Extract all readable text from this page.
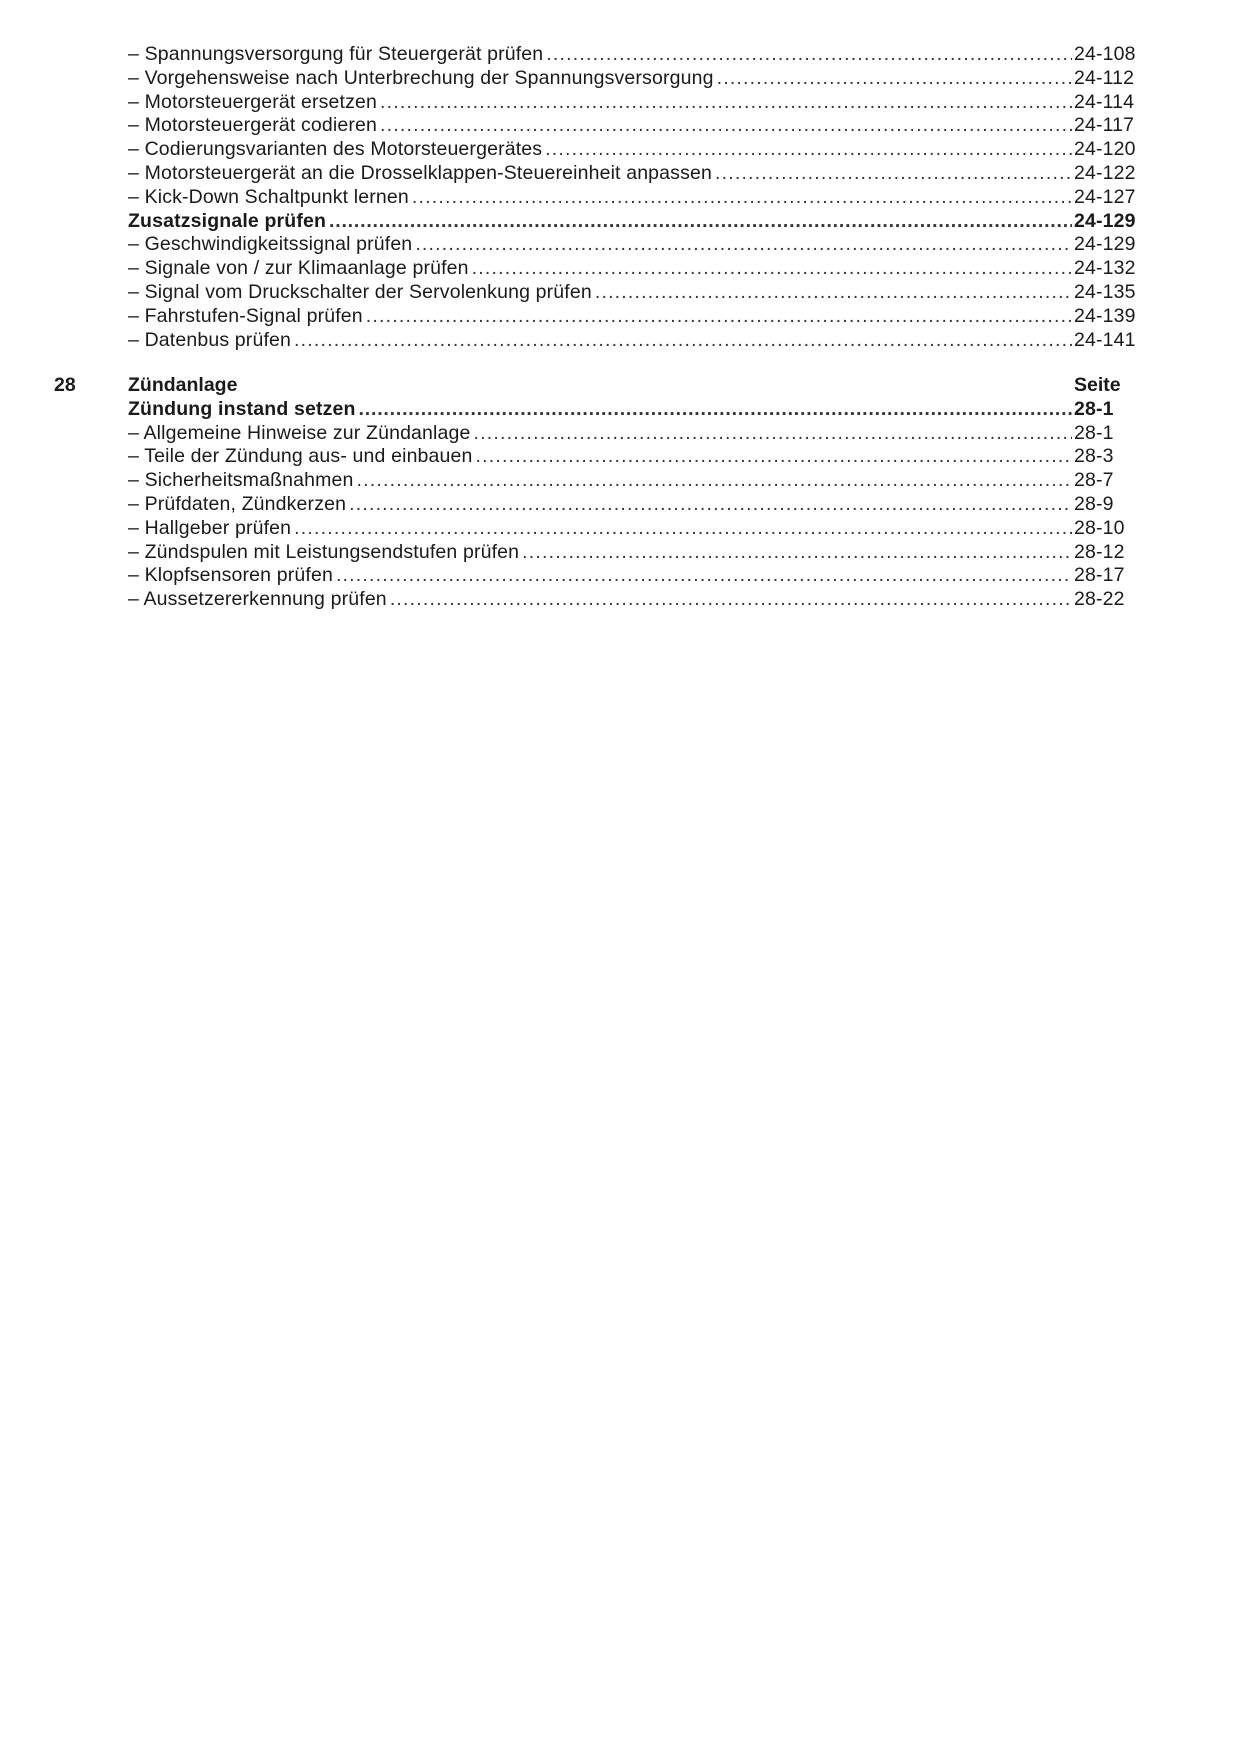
– Spannungsversorgung für Steuergerät prüfen .....	24-108
– Vorgehensweise nach Unterbrechung der Spannungsversorgung .....	24-112
– Motorsteuergerät ersetzen .....	24-114
– Motorsteuergerät codieren .....	24-117
– Codierungsvarianten des Motorsteuergerätes .....	24-120
– Motorsteuergerät an die Drosselklappen-Steuereinheit anpassen .....	24-122
– Kick-Down Schaltpunkt lernen .....	24-127
Zusatzsignale prüfen .....	24-129
– Geschwindigkeitssignal prüfen .....	24-129
– Signale von / zur Klimaanlage prüfen .....	24-132
– Signal vom Druckschalter der Servolenkung prüfen .....	24-135
– Fahrstufen-Signal prüfen .....	24-139
– Datenbus prüfen .....	24-141
28	Zündanlage	Seite
Zündung instand setzen .....	28-1
– Allgemeine Hinweise zur Zündanlage .....	28-1
– Teile der Zündung aus- und einbauen .....	28-3
– Sicherheitsmaßnahmen .....	28-7
– Prüfdaten, Zündkerzen .....	28-9
– Hallgeber prüfen .....	28-10
– Zündspulen mit Leistungsendstufen prüfen .....	28-12
– Klopfsensoren prüfen .....	28-17
– Aussetzererkennung prüfen .....	28-22
